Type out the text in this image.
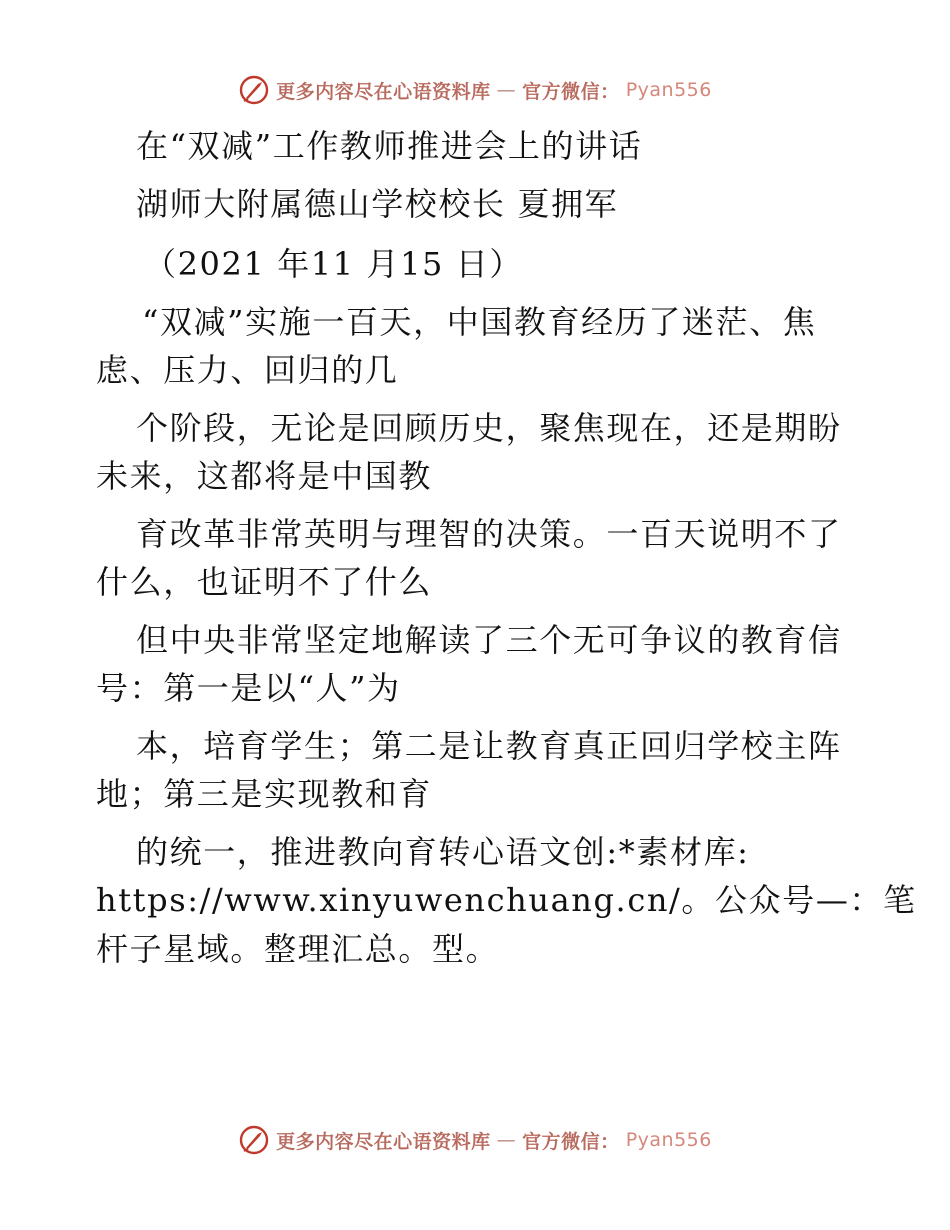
更多内容尽在心语资料库 — 官方微信： Pyan556
在“双减”工作教师推进会上的讲话
湖师大附属德山学校校长 夏拥军
（2021 年11 月15 日）
“双减”实施一百天，中国教育经历了迷茫、焦
虑、压力、回归的几
个阶段，无论是回顾历史，聚焦现在，还是期盼
未来，这都将是中国教
育改革非常英明与理智的决策。一百天说明不了
什么，也证明不了什么
但中央非常坚定地解读了三个无可争议的教育信
号：第一是以“人”为
本，培育学生；第二是让教育真正回归学校主阵
地；第三是实现教和育
的统一，推进教向育转心语文创:*素材库:
https://www.xinyuwenchuang.cn/。公众号—：笔
杆子星域。整理汇总。型。
更多内容尽在心语资料库 — 官方微信： Pyan556
